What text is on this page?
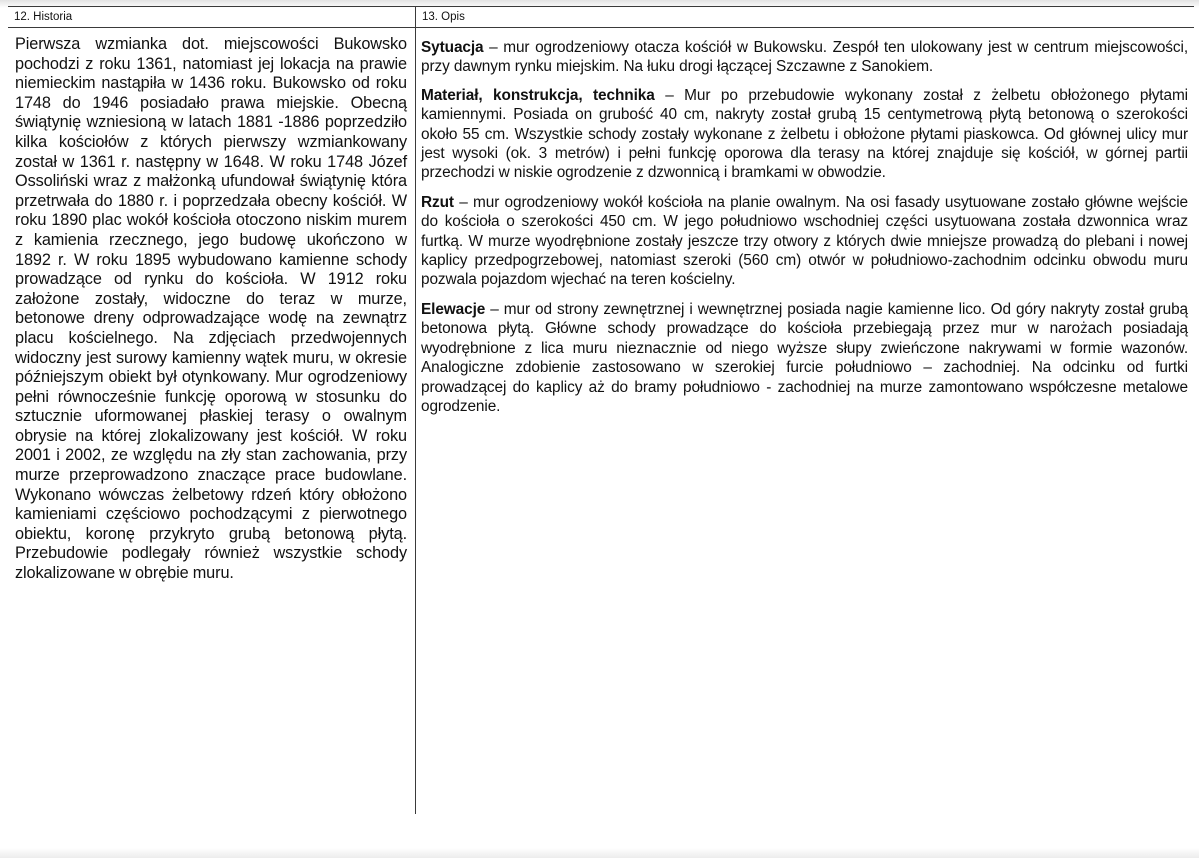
12. Historia	13. Opis

Pierwsza wzmianka dot. miejscowości Bukowsko pochodzi z roku 1361, natomiast jej lokacja na prawie niemieckim nastąpiła w 1436 roku. Bukowsko od roku 1748 do 1946 posiadało prawa miejskie. Obecną świątynię wzniesioną w latach 1881 -1886 poprzedziło kilka kościołów z których pierwszy wzmiankowany został w 1361 r. następny w 1648. W roku 1748 Józef Ossoliński wraz z małżonką ufundował świątynię która przetrwała do 1880 r. i poprzedzała obecny kościół. W roku 1890 plac wokół kościoła otoczono niskim murem z kamienia rzecznego, jego budowę ukończono w 1892 r. W roku 1895 wybudowano kamienne schody prowadzące od rynku do kościoła. W 1912 roku założone zostały, widoczne do teraz w murze, betonowe dreny odprowadzające wodę na zewnątrz placu kościelnego. Na zdjęciach przedwojennych widoczny jest surowy kamienny wątek muru, w okresie późniejszym obiekt był otynkowany. Mur ogrodzeniowy pełni równocześnie funkcję oporową w stosunku do sztucznie uformowanej płaskiej terasy o owalnym obrysie na której zlokalizowany jest kościół. W roku 2001 i 2002, ze względu na zły stan zachowania, przy murze przeprowadzono znaczące prace budowlane. Wykonano wówczas żelbetowy rdzeń który obłożono kamieniami częściowo pochodzącymi z pierwotnego obiektu, koronę przykryto grubą betonową płytą. Przebudowie podlegały również wszystkie schody zlokalizowane w obrębie muru.

Sytuacja – mur ogrodzeniowy otacza kościół w Bukowsku. Zespół ten ulokowany jest w centrum miejscowości, przy dawnym rynku miejskim. Na łuku drogi łączącej Szczawne z Sanokiem.

Materiał, konstrukcja, technika – Mur po przebudowie wykonany został z żelbetu obłożonego płytami kamiennymi. Posiada on grubość 40 cm, nakryty został grubą 15 centymetrową płytą betonową o szerokości około 55 cm. Wszystkie schody zostały wykonane z żelbetu i obłożone płytami piaskowca. Od głównej ulicy mur jest wysoki (ok. 3 metrów) i pełni funkcję oporowa dla terasy na której znajduje się kościół, w górnej partii przechodzi w niskie ogrodzenie z dzwonnicą i bramkami w obwodzie.

Rzut – mur ogrodzeniowy wokół kościoła na planie owalnym. Na osi fasady usytuowane zostało główne wejście do kościoła o szerokości 450 cm. W jego południowo wschodniej części usytuowana została dzwonnica wraz furtką. W murze wyodrębnione zostały jeszcze trzy otwory z których dwie mniejsze prowadzą do plebani i nowej kaplicy przedpogrzebowej, natomiast szeroki (560 cm) otwór w południowo-zachodnim odcinku obwodu muru pozwala pojazdom wjechać na teren kościelny.

Elewacje – mur od strony zewnętrznej i wewnętrznej posiada nagie kamienne lico. Od góry nakryty został grubą betonowa płytą. Główne schody prowadzące do kościoła przebiegają przez mur w narożach posiadają wyodrębnione z lica muru nieznacznie od niego wyższe słupy zwieńczone nakrywami w formie wazonów. Analogiczne zdobienie zastosowano w szerokiej furcie południowo – zachodniej. Na odcinku od furtki prowadzącej do kaplicy aż do bramy południowo - zachodniej na murze zamontowano współczesne metalowe ogrodzenie.
